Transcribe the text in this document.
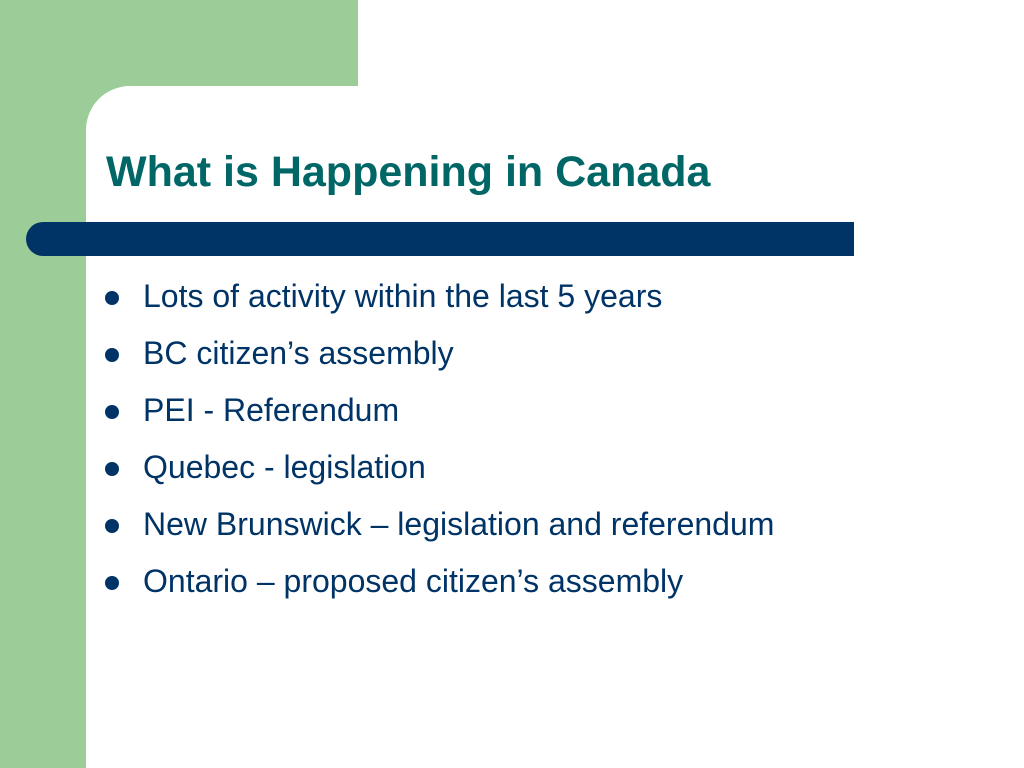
What is Happening in Canada
Lots of activity within the last 5 years
BC citizen’s assembly
PEI - Referendum
Quebec - legislation
New Brunswick – legislation and referendum
Ontario – proposed citizen’s assembly
